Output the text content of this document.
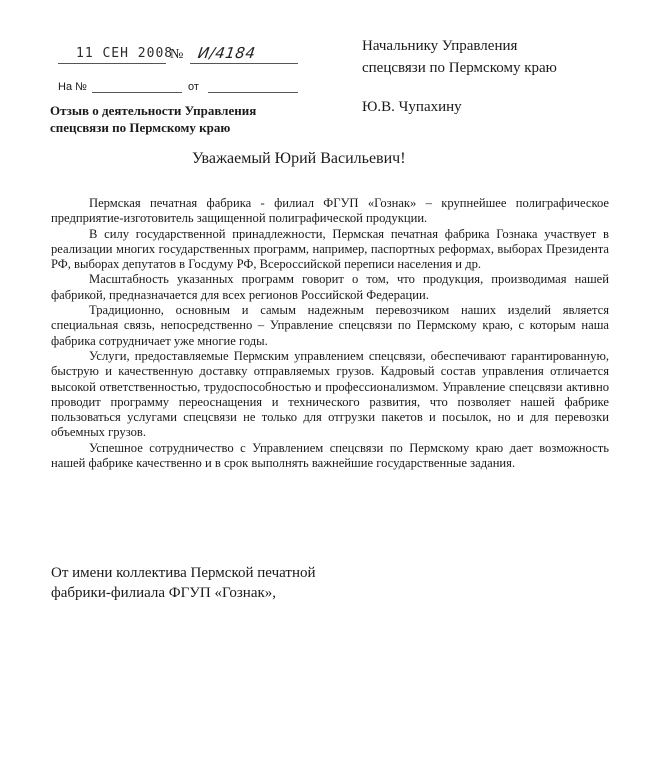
11 СЕН 2008
№ И/4184
На №	от
Отзыв о деятельности Управления
спецсвязи по Пермскому краю
Начальнику Управления
спецсвязи по Пермскому краю
Ю.В. Чупахину
Уважаемый Юрий Васильевич!

Пермская печатная фабрика - филиал ФГУП «Гознак» – крупнейшее полиграфическое предприятие-изготовитель защищенной полиграфической продукции.

В силу государственной принадлежности, Пермская печатная фабрика Гознака участвует в реализации многих государственных программ, например, паспортных реформах, выборах Президента РФ, выборах депутатов в Госдуму РФ, Всероссийской переписи населения и др.

Масштабность указанных программ говорит о том, что продукция, производимая нашей фабрикой, предназначается для всех регионов Российской Федерации.

Традиционно, основным и самым надежным перевозчиком наших изделий является специальная связь, непосредственно – Управление спецсвязи по Пермскому краю, с которым наша фабрика сотрудничает уже многие годы.

Услуги, предоставляемые Пермским управлением спецсвязи, обеспечивают гарантированную, быструю и качественную доставку отправляемых грузов. Кадровый состав управления отличается высокой ответственностью, трудоспособностью и профессионализмом. Управление спецсвязи активно проводит программу переоснащения и технического развития, что позволяет нашей фабрике пользоваться услугами спецсвязи не только для отгрузки пакетов и посылок, но и для перевозки объемных грузов.

Успешное сотрудничество с Управлением спецсвязи по Пермскому краю дает возможность нашей фабрике качественно и в срок выполнять важнейшие государственные задания.

От имени коллектива Пермской печатной
фабрики-филиала ФГУП «Гознак»,
